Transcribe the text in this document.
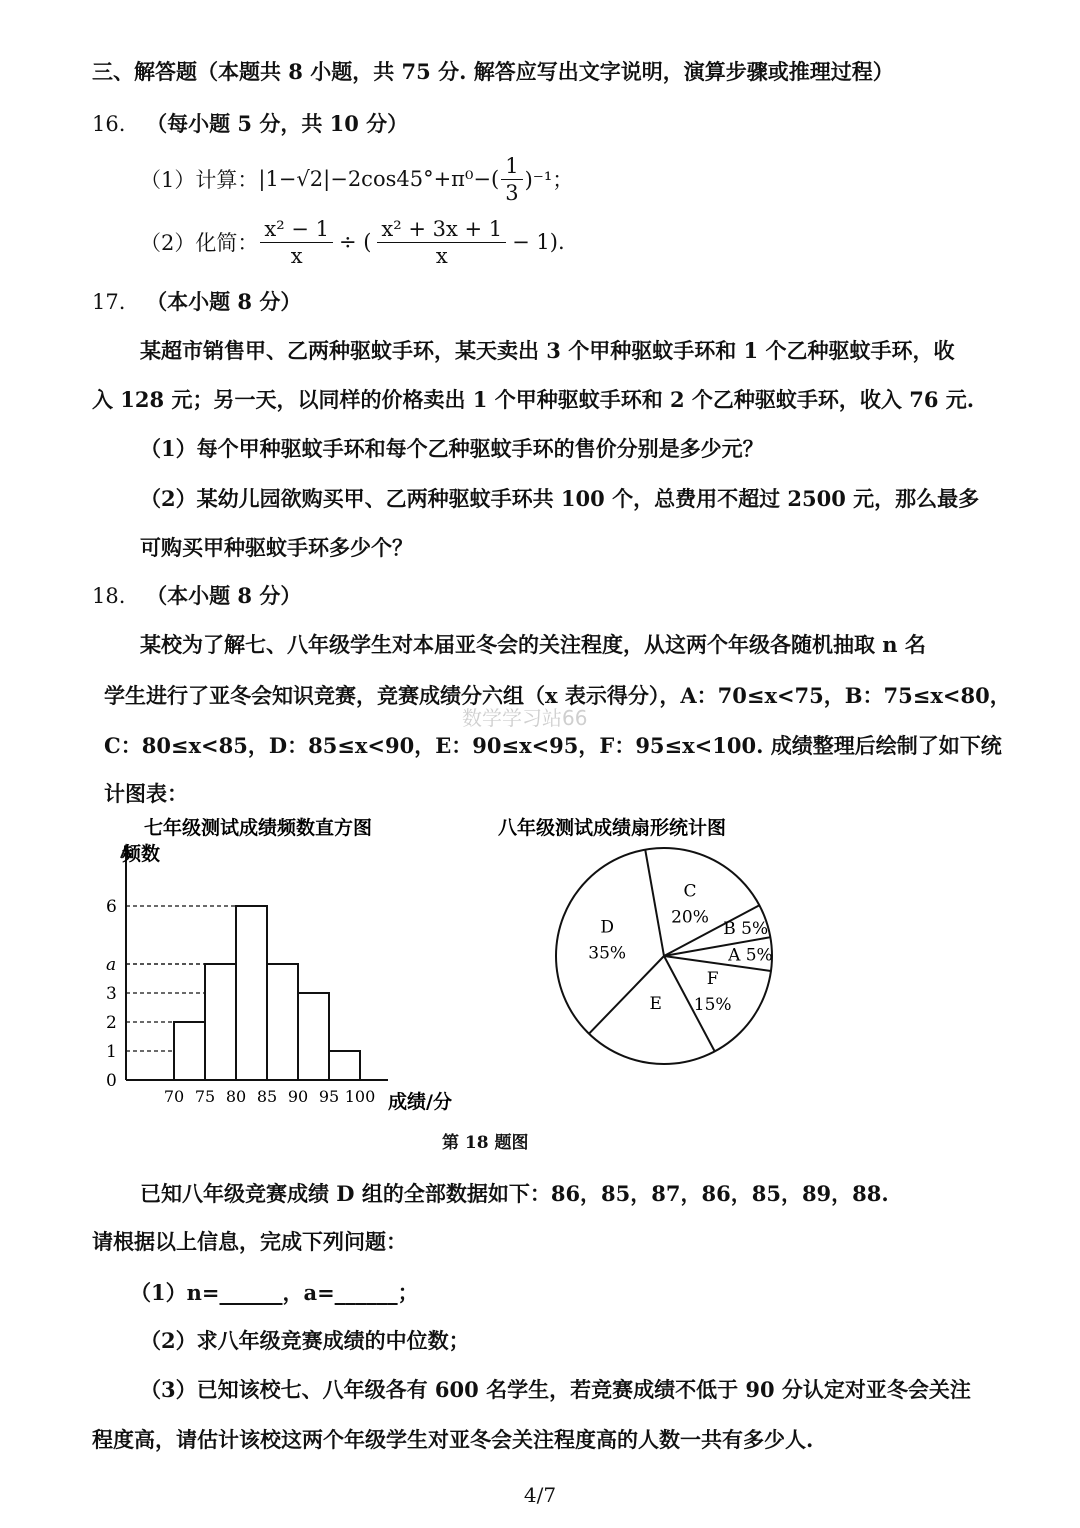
三、解答题（本题共 8 小题，共 75 分. 解答应写出文字说明，演算步骤或推理过程）
16. （每小题 5 分，共 10 分）
（1）计算： $|1-√2|-2\cos 45^\circ+\pi^0-( \frac{1}{3} )^{-1}$；
（2）化简： $\frac{\text{x² − 1}}{x}$ ÷ ( $\frac{\text{x² + 3x + 1}}{x} - 1$).
17. （本小题 8 分）
某超市销售甲、乙两种驱蚊手环，某天卖出 3 个甲种驱蚊手环和 1 个乙种驱蚊手环，收
入 128 元；另一天，以同样的价格卖出 1 个甲种驱蚊手环和 2 个乙种驱蚊手环，收入 76 元.
（1）每个甲种驱蚊手环和每个乙种驱蚊手环的售价分别是多少元？
（2）某幼儿园欲购买甲、乙两种驱蚊手环共 100 个，总费用不超过 2500 元，那么最多
可购买甲种驱蚊手环多少个？
18. （本小题 8 分）
某校为了解七、八年级学生对本届亚冬会的关注程度，从这两个年级各随机抽取 n 名
学生进行了亚冬会知识竞赛，竞赛成绩分六组（x 表示得分），A：70≤x<75，B：75≤x<80，
C：80≤x<85，D：85≤x<90，E：90≤x<95，F：95≤x<100. 成绩整理后绘制了如下统
计图表：
数学学习站66
七年级测试成绩频数直方图
2
a
6
3
1
0
70 75 80 85 90 95 100
频数
成绩/分
八年级测试成绩扇形统计图
C
20%
B 5%
A 5%
F
15%
E
D
35%
第 18 题图
已知八年级竞赛成绩 D 组的全部数据如下：86，85，87，86，85，89，88.
请根据以上信息，完成下列问题：
（1）n=______，a=______；
（2）求八年级竞赛成绩的中位数；
（3）已知该校七、八年级各有 600 名学生，若竞赛成绩不低于 90 分认定对亚冬会关注
程度高，请估计该校这两个年级学生对亚冬会关注程度高的人数一共有多少人.
4/7
